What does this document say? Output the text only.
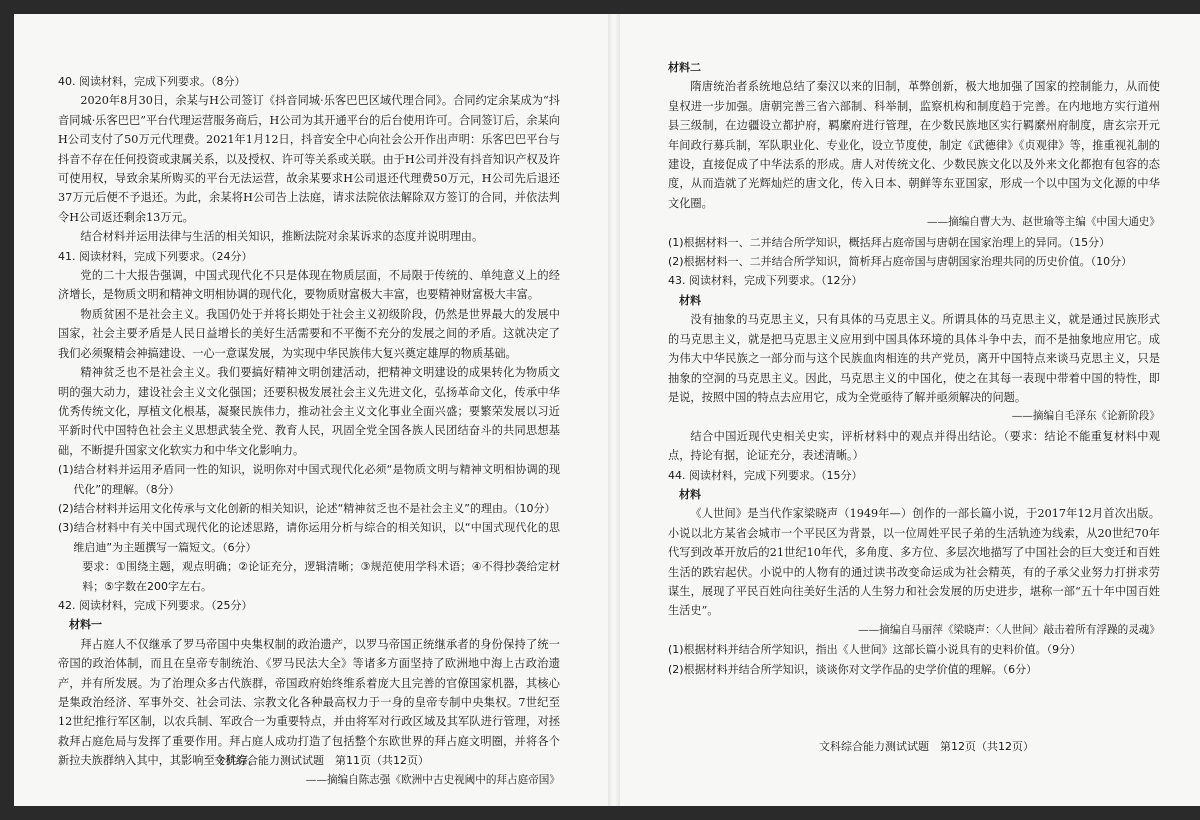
40. 阅读材料，完成下列要求。（8分）

2020年8月30日，余某与H公司签订《抖音同城·乐客巴巴区域代理合同》。合同约定余某成为“抖音同城·乐客巴巴”平台代理运营服务商后，H公司为其开通平台的后台使用许可。合同签订后，余某向H公司支付了50万元代理费。2021年1月12日，抖音安全中心向社会公开作出声明：乐客巴巴平台与抖音不存在任何投资或隶属关系，以及授权、许可等关系或关联。由于H公司并没有抖音知识产权及许可使用权，导致余某所购买的平台无法运营，故余某要求H公司退还代理费50万元，H公司先后退还37万元后便不予退还。为此，余某将H公司告上法庭，请求法院依法解除双方签订的合同，并依法判令H公司返还剩余13万元。

结合材料并运用法律与生活的相关知识，推断法院对余某诉求的态度并说明理由。

41. 阅读材料，完成下列要求。（24分）

党的二十大报告强调，中国式现代化不只是体现在物质层面，不局限于传统的、单纯意义上的经济增长，是物质文明和精神文明相协调的现代化，要物质财富极大丰富，也要精神财富极大丰富。

物质贫困不是社会主义。我国仍处于并将长期处于社会主义初级阶段，仍然是世界最大的发展中国家，社会主要矛盾是人民日益增长的美好生活需要和不平衡不充分的发展之间的矛盾。这就决定了我们必须聚精会神搞建设、一心一意谋发展，为实现中华民族伟大复兴奠定雄厚的物质基础。

精神贫乏也不是社会主义。我们要搞好精神文明创建活动，把精神文明建设的成果转化为物质文明的强大动力，建设社会主义文化强国；还要积极发展社会主义先进文化，弘扬革命文化，传承中华优秀传统文化，厚植文化根基，凝聚民族伟力，推动社会主义文化事业全面兴盛；要繁荣发展以习近平新时代中国特色社会主义思想武装全党、教育人民，巩固全党全国各族人民团结奋斗的共同思想基础，不断提升国家文化软实力和中华文化影响力。

(1)结合材料并运用矛盾同一性的知识，说明你对中国式现代化必须“是物质文明与精神文明相协调的现代化”的理解。（8分）

(2)结合材料并运用文化传承与文化创新的相关知识，论述“精神贫乏也不是社会主义”的理由。（10分）

(3)结合材料中有关中国式现代化的论述思路，请你运用分析与综合的相关知识，以“中国式现代化的思维启迪”为主题撰写一篇短文。（6分）

要求：①围绕主题，观点明确；②论证充分，逻辑清晰；③规范使用学科术语；④不得抄袭给定材料；⑤字数在200字左右。

42. 阅读材料，完成下列要求。（25分）

材料一

拜占庭人不仅继承了罗马帝国中央集权制的政治遗产，以罗马帝国正统继承者的身份保持了统一帝国的政治体制，而且在皇帝专制统治、《罗马民法大全》等诸多方面坚持了欧洲地中海上古政治遗产，并有所发展。为了治理众多古代族群，帝国政府始终维系着庞大且完善的官僚国家机器，其核心是集政治经济、军事外交、社会司法、宗教文化各种最高权力于一身的皇帝专制中央集权。7世纪至12世纪推行军区制，以农兵制、军政合一为重要特点，并由将军对行政区域及其军队进行管理，对拯救拜占庭危局与发挥了重要作用。拜占庭人成功打造了包括整个东欧世界的拜占庭文明圈，并将各个新拉夫族群纳入其中，其影响至今犹存。

——摘编自陈志强《欧洲中古史视阈中的拜占庭帝国》

文科综合能力测试试题　第11页（共12页）

材料二

隋唐统治者系统地总结了秦汉以来的旧制，革弊创新，极大地加强了国家的控制能力，从而使皇权进一步加强。唐朝完善三省六部制、科举制，监察机构和制度趋于完善。在内地地方实行道州县三级制，在边疆设立都护府，羁縻府进行管理，在少数民族地区实行羁縻州府制度，唐玄宗开元年间政行募兵制，军队职业化、专业化，设立节度使，制定《武德律》《贞观律》等，推重视礼制的建设，直接促成了中华法系的形成。唐人对传统文化、少数民族文化以及外来文化都抱有包容的态度，从而造就了光辉灿烂的唐文化，传入日本、朝鲜等东亚国家，形成一个以中国为文化源的中华文化圈。

——摘编自曹大为、赵世瑜等主编《中国大通史》

(1)根据材料一、二并结合所学知识，概括拜占庭帝国与唐朝在国家治理上的异同。（15分）

(2)根据材料一、二并结合所学知识，简析拜占庭帝国与唐朝国家治理共同的历史价值。（10分）

43. 阅读材料，完成下列要求。（12分）

材料

没有抽象的马克思主义，只有具体的马克思主义。所谓具体的马克思主义，就是通过民族形式的马克思主义，就是把马克思主义应用到中国具体环境的具体斗争中去，而不是抽象地应用它。成为伟大中华民族之一部分而与这个民族血肉相连的共产党员，离开中国特点来谈马克思主义，只是抽象的空洞的马克思主义。因此，马克思主义的中国化，使之在其每一表现中带着中国的特性，即是说，按照中国的特点去应用它，成为全党亟待了解并亟须解决的问题。

——摘编自毛泽东《论新阶段》

结合中国近现代史相关史实，评析材料中的观点并得出结论。（要求：结论不能重复材料中观点，持论有据，论证充分，表述清晰。）

44. 阅读材料，完成下列要求。（15分）

材料

《人世间》是当代作家梁晓声（1949年—）创作的一部长篇小说，于2017年12月首次出版。小说以北方某省会城市一个平民区为背景，以一位周姓平民子弟的生活轨迹为线索，从20世纪70年代写到改革开放后的21世纪10年代，多角度、多方位、多层次地描写了中国社会的巨大变迁和百姓生活的跌宕起伏。小说中的人物有的通过读书改变命运成为社会精英，有的子承父业努力打拼求劳谋生，展现了平民百姓向往美好生活的人生努力和社会发展的历史进步，堪称一部“五十年中国百姓生活史”。

——摘编自马丽萍《梁晓声：〈人世间〉敲击着所有浮躁的灵魂》

(1)根据材料并结合所学知识，指出《人世间》这部长篇小说具有的史料价值。（9分）

(2)根据材料并结合所学知识，谈谈你对文学作品的史学价值的理解。（6分）

文科综合能力测试试题　第12页（共12页）
